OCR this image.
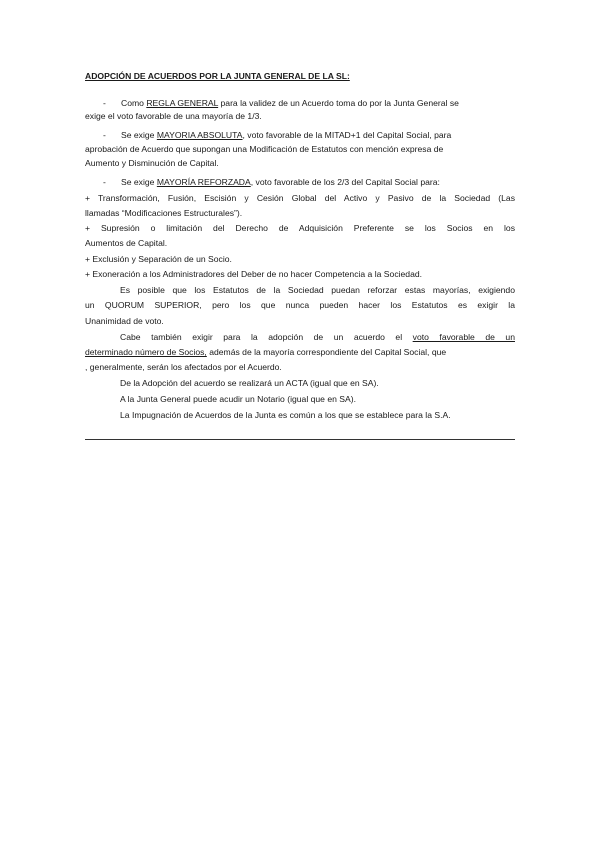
ADOPCIÓN DE ACUERDOS POR LA JUNTA GENERAL DE LA SL:
- Como REGLA GENERAL para la validez de un Acuerdo toma do por la Junta General se
exige el voto favorable de una mayoría de 1/3.
- Se exige MAYORIA ABSOLUTA, voto favorable de la MITAD+1 del Capital Social, para
aprobación de Acuerdo que supongan una Modificación de Estatutos con mención expresa de
Aumento y Disminución de Capital.
- Se exige MAYORÍA REFORZADA, voto favorable de los 2/3 del Capital Social para:
+ Transformación, Fusión, Escisión y Cesión Global del Activo y Pasivo de la Sociedad (Las
llamadas “Modificaciones Estructurales”).
+ Supresión o limitación del Derecho de Adquisición Preferente se los Socios en los
Aumentos de Capital.
+ Exclusión y Separación de un Socio.
+ Exoneración a los Administradores del Deber de no hacer Competencia a la Sociedad.
Es posible que los Estatutos de la Sociedad puedan reforzar estas mayorías, exigiendo
un QUORUM SUPERIOR, pero los que nunca pueden hacer los Estatutos es exigir la
Unanimidad de voto.
Cabe también exigir para la adopción de un acuerdo el voto favorable de un
determinado número de Socios, además de la mayoría correspondiente del Capital Social, que
, generalmente, serán los afectados por el Acuerdo.
De la Adopción del acuerdo se realizará un ACTA (igual que en SA).
A la Junta General puede acudir un Notario (igual que en SA).
La Impugnación de Acuerdos de la Junta es común a los que se establece para la S.A.
